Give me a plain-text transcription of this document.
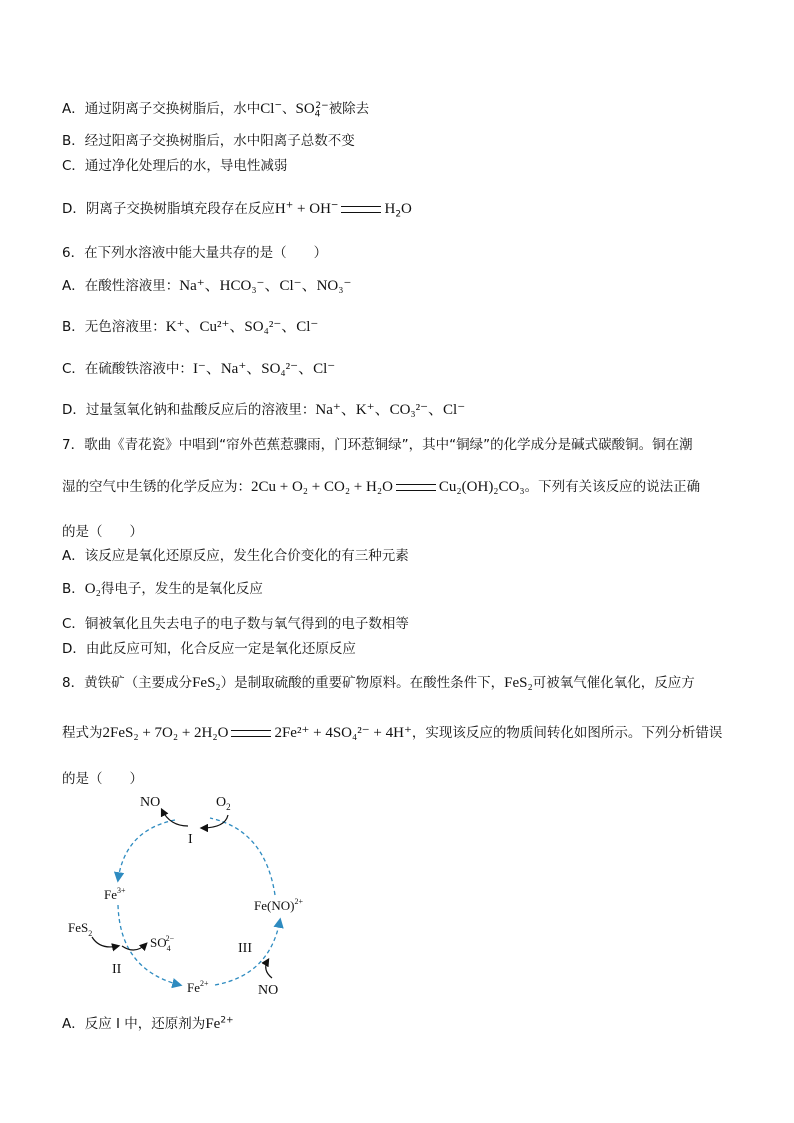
A．通过阴离子交换树脂后，水中Cl−、$SO_4^{2-}$被除去
B．经过阳离子交换树脂后，水中阳离子总数不变
C．通过净化处理后的水，导电性减弱
D．阴离子交换树脂填充段存在反应H+ + OH−	$H_2O$
6．在下列水溶液中能大量共存的是（　　）
A．在酸性溶液里：Na⁺、HCO₃⁻、Cl⁻、NO₃⁻
B．无色溶液里：K⁺、Cu²⁺、SO₄²⁻、Cl⁻
C．在硫酸铁溶液中：I⁻、Na⁺、SO₄²⁻、Cl⁻
D．过量氢氧化钠和盐酸反应后的溶液里：Na⁺、K⁺、CO₃²⁻、Cl⁻
7．歌曲《青花瓷》中唱到“帘外芭蕉惹骤雨，门环惹铜绿”，其中“铜绿”的化学成分是碱式碳酸铜。铜在潮
湿的空气中生锈的化学反应为：2Cu + O₂ + CO₂ + H₂O	Cu₂(OH)₂CO₃。下列有关该反应的说法正确
的是（　　）
A．该反应是氧化还原反应，发生化合价变化的有三种元素
B．O₂得电子，发生的是氧化反应
C．铜被氧化且失去电子的电子数与氧气得到的电子数相等
D．由此反应可知，化合反应一定是氧化还原反应
8．黄铁矿（主要成分FeS₂）是制取硫酸的重要矿物原料。在酸性条件下，FeS₂可被氧气催化氧化，反应方
程式为2FeS₂ + 7O₂ + 2H₂O	2Fe²⁺ + 4SO₄²⁻ + 4H⁺，实现该反应的物质间转化如图所示。下列分析错误
的是（　　）
NO	$O_2$
I
$Fe^{3+}$
Fe(NO)$^{2+}$
FeS$_2$
$SO_42-$
III
II
$Fe^{2+}$	NO
A．反应 I 中，还原剂为$Fe^{2+}$
